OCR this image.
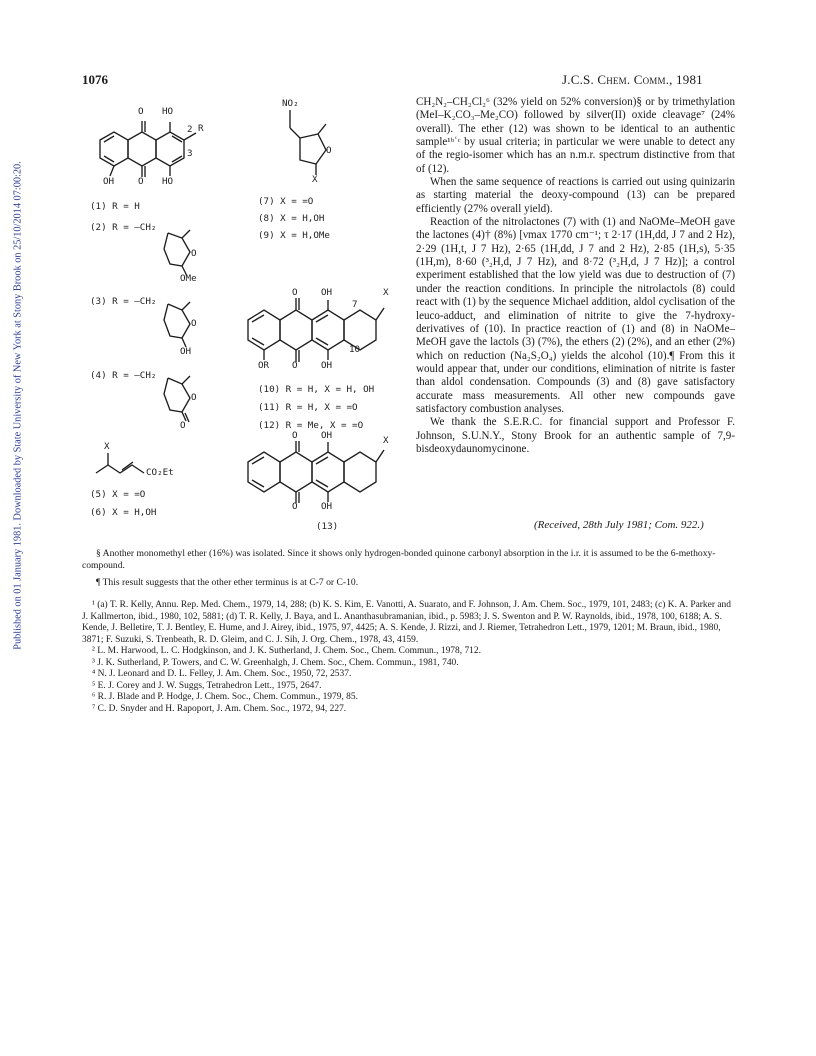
Published on 01 January 1981. Downloaded by State University of New York at Stony Brook on 25/10/2014 07:00:20.
1076	J.C.S. Chem. Comm., 1981
O HO
2 R
3
OH	O HO
(1) R = H
(2) R = —CH₂
O
OMe
(3) R = —CH₂
O
OH
(4) R = —CH₂
O
O
X
CO₂Et
(5) X = =O
(6) X = H,OH
NO₂
O
X
(7) X = =O
(8) X = H,OH
(9) X = H,OMe
O	OH	X
7
10
OR O	OH
(10) R = H, X = H, OH
(11) R = H, X = =O
(12) R = Me, X = =O
O	OH	X
O	OH
(13)

CH₂N₂–CH₂Cl₂⁶ (32% yield on 52% conversion)§ or by trimethylation (MeI–K₂CO₃–Me₂CO) followed by silver(II) oxide cleavage⁷ (24% overall). The ether (12) was shown to be identical to an authentic sample¹ᵇʿᶜ by usual criteria; in particular we were unable to detect any of the regio-isomer which has an n.m.r. spectrum distinctive from that of (12).

When the same sequence of reactions is carried out using quinizarin as starting material the deoxy-compound (13) can be prepared efficiently (27% overall yield).

Reaction of the nitrolactones (7) with (1) and NaOMe–MeOH gave the lactones (4)† (8%) [νmax 1770 cm⁻¹; τ 2·17 (1H,dd, J 7 and 2 Hz), 2·29 (1H,t, J 7 Hz), 2·65 (1H,dd, J 7 and 2 Hz), 2·85 (1H,s), 5·35 (1H,m), 8·60 (³₂H,d, J 7 Hz), and 8·72 (³₂H,d, J 7 Hz)]; a control experiment established that the low yield was due to destruction of (7) under the reaction conditions. In principle the nitrolactols (8) could react with (1) by the sequence Michael addition, aldol cyclisation of the leuco-adduct, and elimination of nitrite to give the 7-hydroxy-derivatives of (10). In practice reaction of (1) and (8) in NaOMe–MeOH gave the lactols (3) (7%), the ethers (2) (2%), and an ether (2%) which on reduction (Na₂S₂O₄) yields the alcohol (10).¶ From this it would appear that, under our conditions, elimination of nitrite is faster than aldol condensation. Compounds (3) and (8) gave satisfactory accurate mass measurements. All other new compounds gave satisfactory combustion analyses.

We thank the S.E.R.C. for financial support and Professor F. Johnson, S.U.N.Y., Stony Brook for an authentic sample of 7,9-bisdeoxydaunomycinone.

(Received, 28th July 1981; Com. 922.)

§ Another monomethyl ether (16%) was isolated. Since it shows only hydrogen-bonded quinone carbonyl absorption in the i.r. it is assumed to be the 6-methoxy-compound.

¶ This result suggests that the other ether terminus is at C-7 or C-10.

¹ (a) T. R. Kelly, Annu. Rep. Med. Chem., 1979, 14, 288; (b) K. S. Kim, E. Vanotti, A. Suarato, and F. Johnson, J. Am. Chem. Soc., 1979, 101, 2483; (c) K. A. Parker and J. Kallmerton, ibid., 1980, 102, 5881; (d) T. R. Kelly, J. Baya, and L. Ananthasubramanian, ibid., p. 5983; J. S. Swenton and P. W. Raynolds, ibid., 1978, 100, 6188; A. S. Kende, J. Belletire, T. J. Bentley, E. Hume, and J. Airey, ibid., 1975, 97, 4425; A. S. Kende, J. Rizzi, and J. Riemer, Tetrahedron Lett., 1979, 1201; M. Braun, ibid., 1980, 3871; F. Suzuki, S. Trenbeath, R. D. Gleim, and C. J. Sih, J. Org. Chem., 1978, 43, 4159.

² L. M. Harwood, L. C. Hodgkinson, and J. K. Sutherland, J. Chem. Soc., Chem. Commun., 1978, 712.

³ J. K. Sutherland, P. Towers, and C. W. Greenhalgh, J. Chem. Soc., Chem. Commun., 1981, 740.

⁴ N. J. Leonard and D. L. Felley, J. Am. Chem. Soc., 1950, 72, 2537.

⁵ E. J. Corey and J. W. Suggs, Tetrahedron Lett., 1975, 2647.

⁶ R. J. Blade and P. Hodge, J. Chem. Soc., Chem. Commun., 1979, 85.

⁷ C. D. Snyder and H. Rapoport, J. Am. Chem. Soc., 1972, 94, 227.
